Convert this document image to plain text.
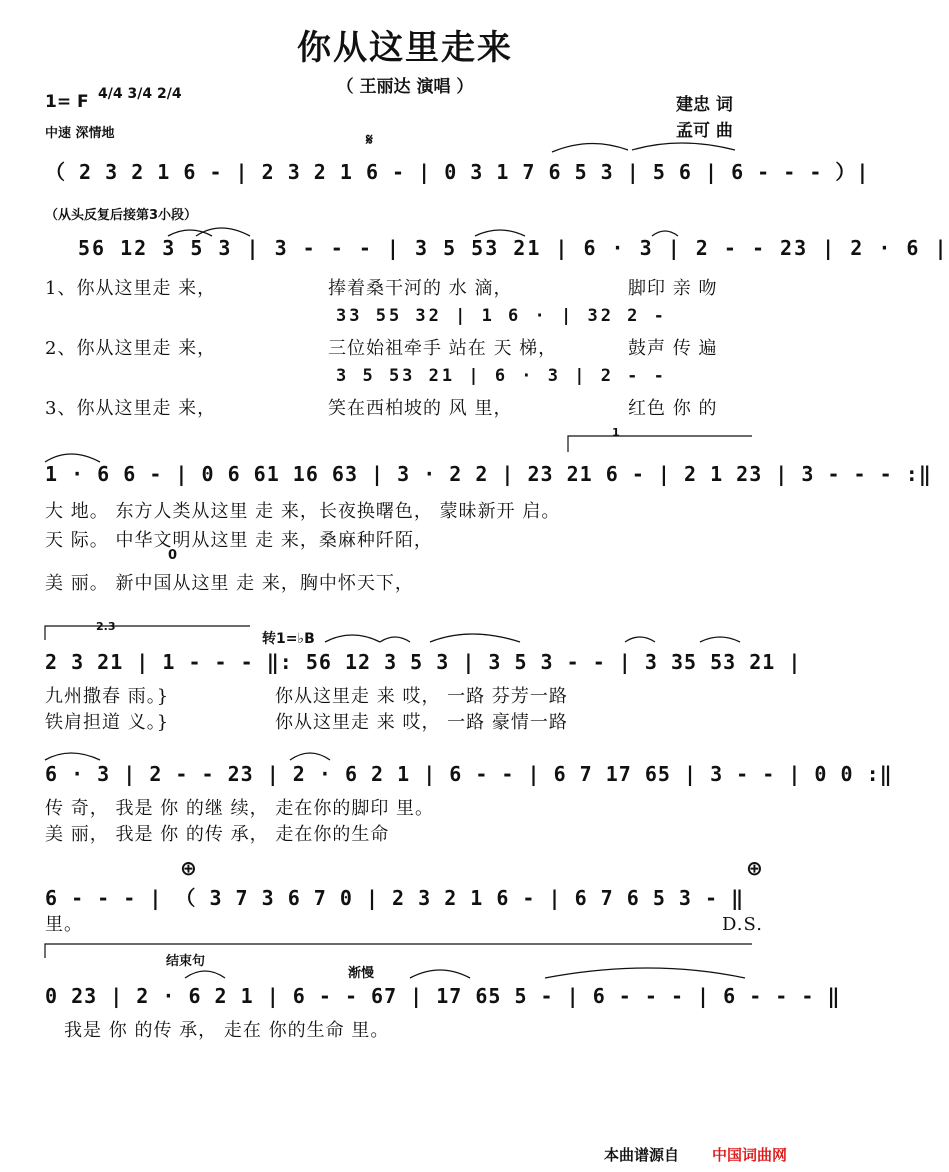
你从这里走来
（ 王丽达 演唱 ）
1= F 4/4 3/4 2/4
中速 深情地
建忠 词
孟可 曲
𝄋
（ 2 3 2 1 6 - | 2 3 2 1 6 - | 0 3 1 7 6 5 3 | 5 6 | 6 - - - ）|
（从头反复后接第3小段）
56 12 3 5 3 | 3 - - - | 3 5 53 21 | 6 · 3 | 2 - - 23 | 2 · 6 |
1、你从这里走 来，	捧着桑干河的 水 滴，	脚印 亲 吻
33 55 32 | 1 6 · | 32 2 -
2、你从这里走 来，	三位始祖牵手 站在 天 梯，	鼓声 传 遍
3 5 53 21 | 6 · 3 | 2 - -
3、你从这里走 来，	笑在西柏坡的 风 里，	红色 你 的
1
1 · 6 6 - | 0 6 61 16 63 | 3 · 2 2 | 23 21 6 - | 2 1 23 | 3 - - - :‖
大 地。 东方人类从这里 走 来，长夜换曙色， 蒙昧新开 启。
天 际。 中华文明从这里 走 来，桑麻种阡陌，
0
美 丽。 新中国从这里 走 来，胸中怀天下，
2.3
转1=♭B
2 3 21 | 1 - - - ‖: 56 12 3 5 3 | 3 5 3 - - | 3 35 53 21 |
九州撒春 雨。}
铁肩担道 义。}
你从这里走 来 哎， 一路 芬芳一路
你从这里走 来 哎， 一路 豪情一路
6 · 3 | 2 - - 23 | 2 · 6 2 1 | 6 - - | 6 7 17 65 | 3 - - | 0 0 :‖
传 奇， 我是 你 的继 续， 走在你的脚印 里。
美 丽， 我是 你 的传 承， 走在你的生命
⊕	⊕
6 - - - | （ 3 7 3 6 7 0 | 2 3 2 1 6 - | 6 7 6 5 3 - ‖
里。	D.S.
结束句
渐慢
0 23 | 2 · 6 2 1 | 6 - - 67 | 17 65 5 - | 6 - - - | 6 - - - ‖
我是 你 的传 承， 走在 你的生命 里。
本曲谱源自 中国词曲网
